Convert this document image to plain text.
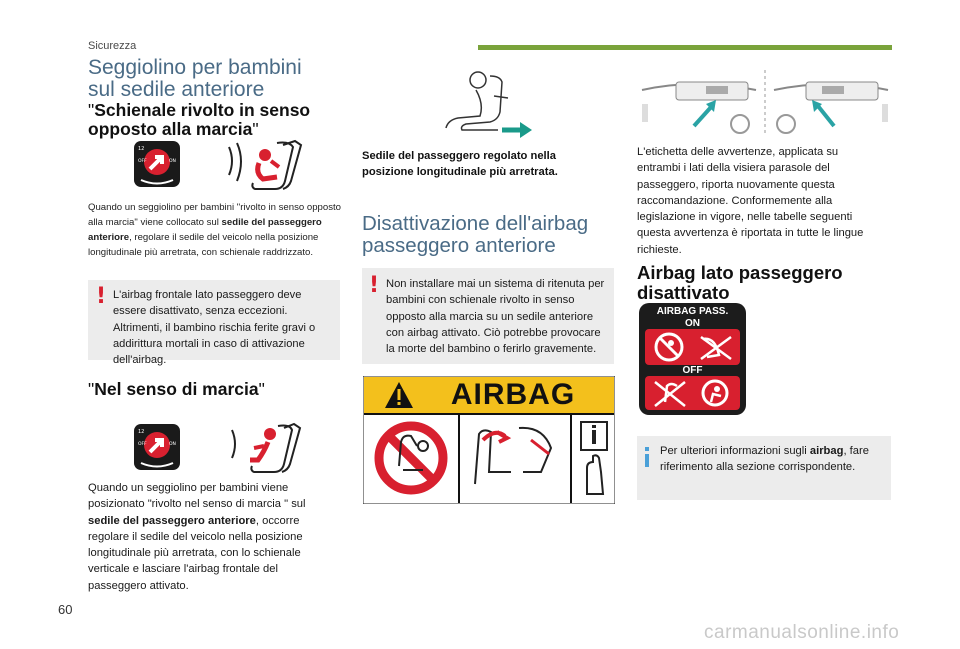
Sicurezza
Seggiolino per bambini
sul sedile anteriore
"Schienale rivolto in senso
opposto alla marcia"
12
OFF	ON
Quando un seggiolino per bambini "rivolto in senso opposto alla marcia" viene collocato sul sedile del passeggero anteriore, regolare il sedile del veicolo nella posizione longitudinale più arretrata, con schienale raddrizzato.
! L'airbag frontale lato passeggero deve essere disattivato, senza eccezioni. Altrimenti, il bambino rischia ferite gravi o addirittura mortali in caso di attivazione dell'airbag.
"Nel senso di marcia"
12
OFF	ON
Quando un seggiolino per bambini viene posizionato "rivolto nel senso di marcia " sul sedile del passeggero anteriore, occorre regolare il sedile del veicolo nella posizione longitudinale più arretrata, con lo schienale verticale e lasciare l'airbag frontale del passeggero attivato.
Sedile del passeggero regolato nella posizione longitudinale più arretrata.
Disattivazione dell'airbag
passeggero anteriore
! Non installare mai un sistema di ritenuta per bambini con schienale rivolto in senso opposto alla marcia su un sedile anteriore con airbag attivato. Ciò potrebbe provocare la morte del bambino o ferirlo gravemente.
AIRBAG
L'etichetta delle avvertenze, applicata su entrambi i lati della visiera parasole del passeggero, riporta nuovamente questa raccomandazione. Conformemente alla legislazione in vigore, nelle tabelle seguenti questa avvertenza è riportata in tutte le lingue richieste.
Airbag lato passeggero
disattivato
AIRBAG PASS.
ON
OFF
Per ulteriori informazioni sugli airbag, fare riferimento alla sezione corrispondente.
60
carmanualsonline.info
